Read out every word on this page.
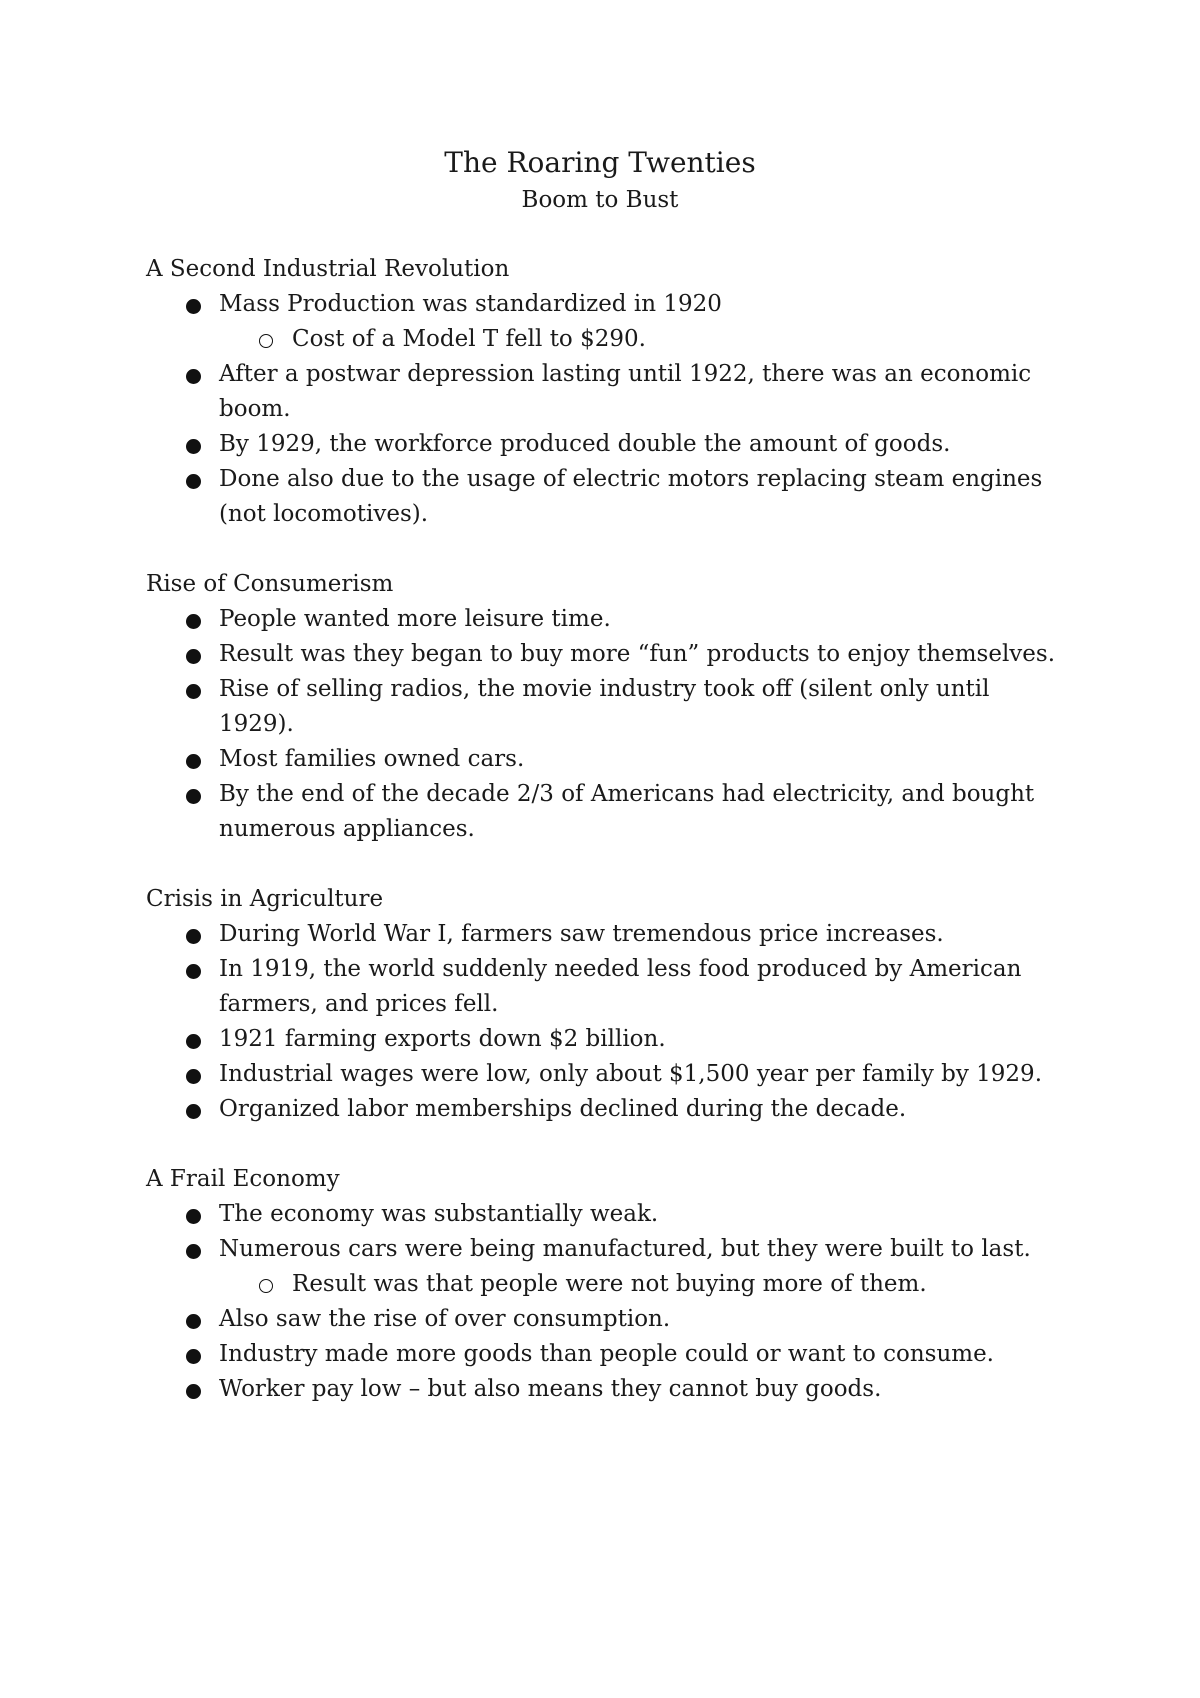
The Roaring Twenties
Boom to Bust
A Second Industrial Revolution
Mass Production was standardized in 1920
Cost of a Model T fell to $290.
After a postwar depression lasting until 1922, there was an economic boom.
By 1929, the workforce produced double the amount of goods.
Done also due to the usage of electric motors replacing steam engines (not locomotives).
Rise of Consumerism
People wanted more leisure time.
Result was they began to buy more “fun” products to enjoy themselves.
Rise of selling radios, the movie industry took off (silent only until 1929).
Most families owned cars.
By the end of the decade 2/3 of Americans had electricity, and bought numerous appliances.
Crisis in Agriculture
During World War I, farmers saw tremendous price increases.
In 1919, the world suddenly needed less food produced by American farmers, and prices fell.
1921 farming exports down $2 billion.
Industrial wages were low, only about $1,500 year per family by 1929.
Organized labor memberships declined during the decade.
A Frail Economy
The economy was substantially weak.
Numerous cars were being manufactured, but they were built to last.
Result was that people were not buying more of them.
Also saw the rise of over consumption.
Industry made more goods than people could or want to consume.
Worker pay low – but also means they cannot buy goods.
